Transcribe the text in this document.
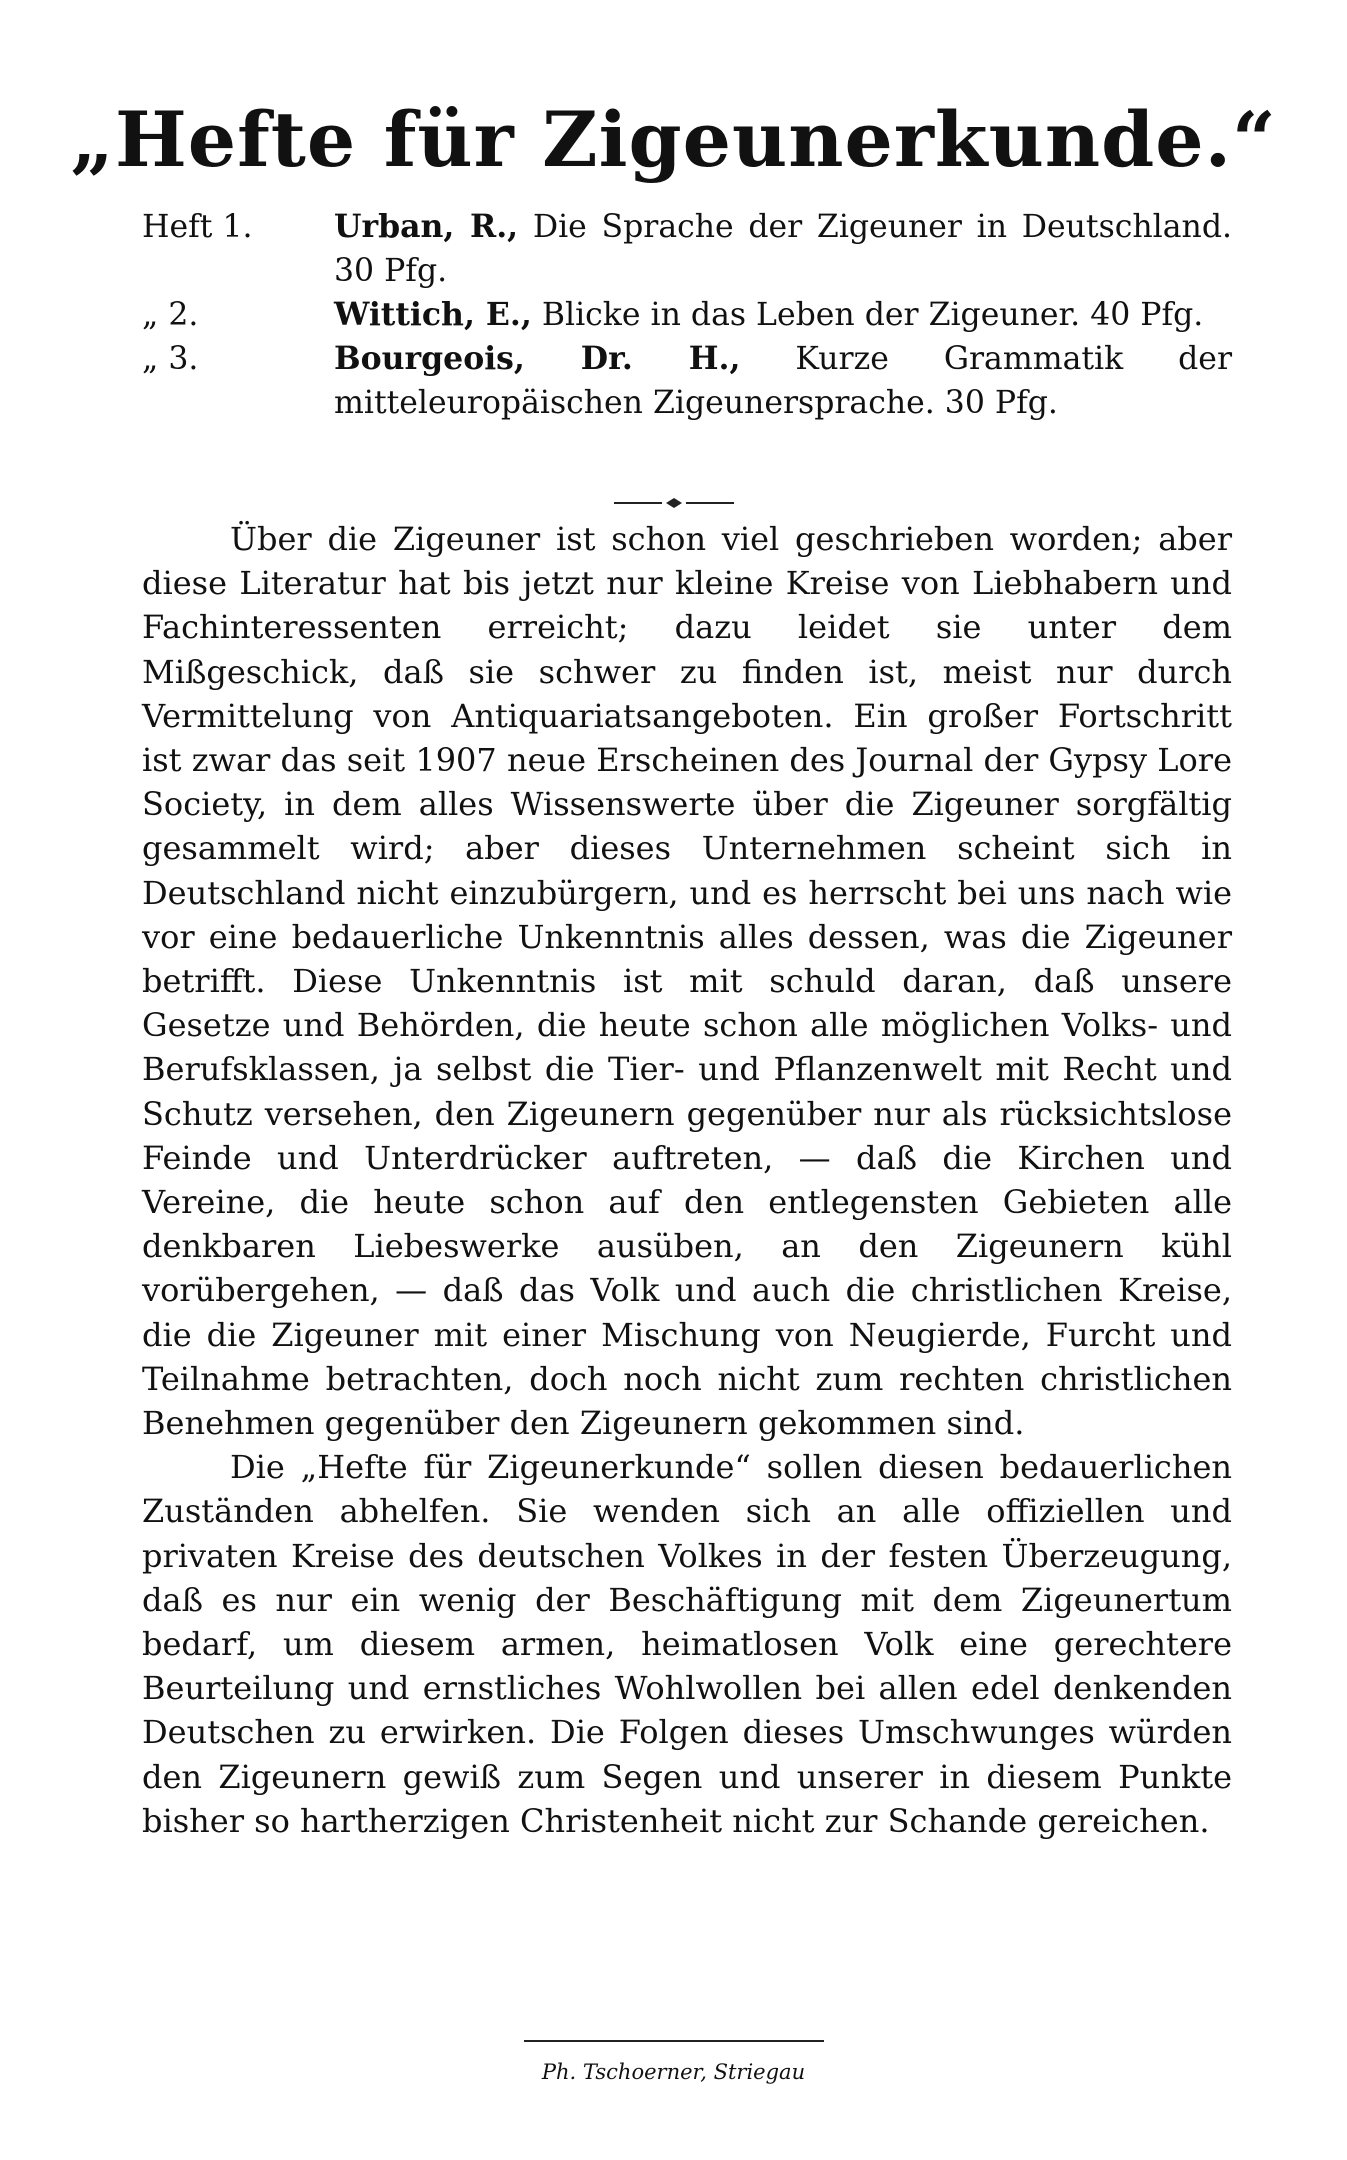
„Hefte für Zigeunerkunde.“
Heft 1.	Urban, R., Die Sprache der Zigeuner in Deutschland. 30 Pfg.
„ 2.	Wittich, E., Blicke in das Leben der Zigeuner. 40 Pfg.
„ 3.	Bourgeois, Dr. H., Kurze Grammatik der mitteleuropäischen Zigeunersprache. 30 Pfg.

Über die Zigeuner ist schon viel geschrieben worden; aber diese Literatur hat bis jetzt nur kleine Kreise von Liebhabern und Fachinteressenten erreicht; dazu leidet sie unter dem Mißgeschick, daß sie schwer zu finden ist, meist nur durch Vermittelung von Antiquariatsangeboten. Ein großer Fortschritt ist zwar das seit 1907 neue Erscheinen des Journal der Gypsy Lore Society, in dem alles Wissenswerte über die Zigeuner sorgfältig gesammelt wird; aber dieses Unternehmen scheint sich in Deutschland nicht einzubürgern, und es herrscht bei uns nach wie vor eine bedauerliche Unkenntnis alles dessen, was die Zigeuner betrifft. Diese Unkenntnis ist mit schuld daran, daß unsere Gesetze und Behörden, die heute schon alle möglichen Volks- und Berufsklassen, ja selbst die Tier- und Pflanzenwelt mit Recht und Schutz versehen, den Zigeunern gegenüber nur als rücksichtslose Feinde und Unterdrücker auftreten, — daß die Kirchen und Vereine, die heute schon auf den entlegensten Gebieten alle denkbaren Liebeswerke ausüben, an den Zigeunern kühl vorübergehen, — daß das Volk und auch die christlichen Kreise, die die Zigeuner mit einer Mischung von Neugierde, Furcht und Teilnahme betrachten, doch noch nicht zum rechten christlichen Benehmen gegenüber den Zigeunern gekommen sind.

Die „Hefte für Zigeunerkunde“ sollen diesen bedauerlichen Zuständen abhelfen. Sie wenden sich an alle offiziellen und privaten Kreise des deutschen Volkes in der festen Überzeugung, daß es nur ein wenig der Beschäftigung mit dem Zigeunertum bedarf, um diesem armen, heimatlosen Volk eine gerechtere Beurteilung und ernstliches Wohlwollen bei allen edel denkenden Deutschen zu erwirken. Die Folgen dieses Umschwunges würden den Zigeunern gewiß zum Segen und unserer in diesem Punkte bisher so hartherzigen Christenheit nicht zur Schande gereichen.

Ph. Tschoerner, Striegau
